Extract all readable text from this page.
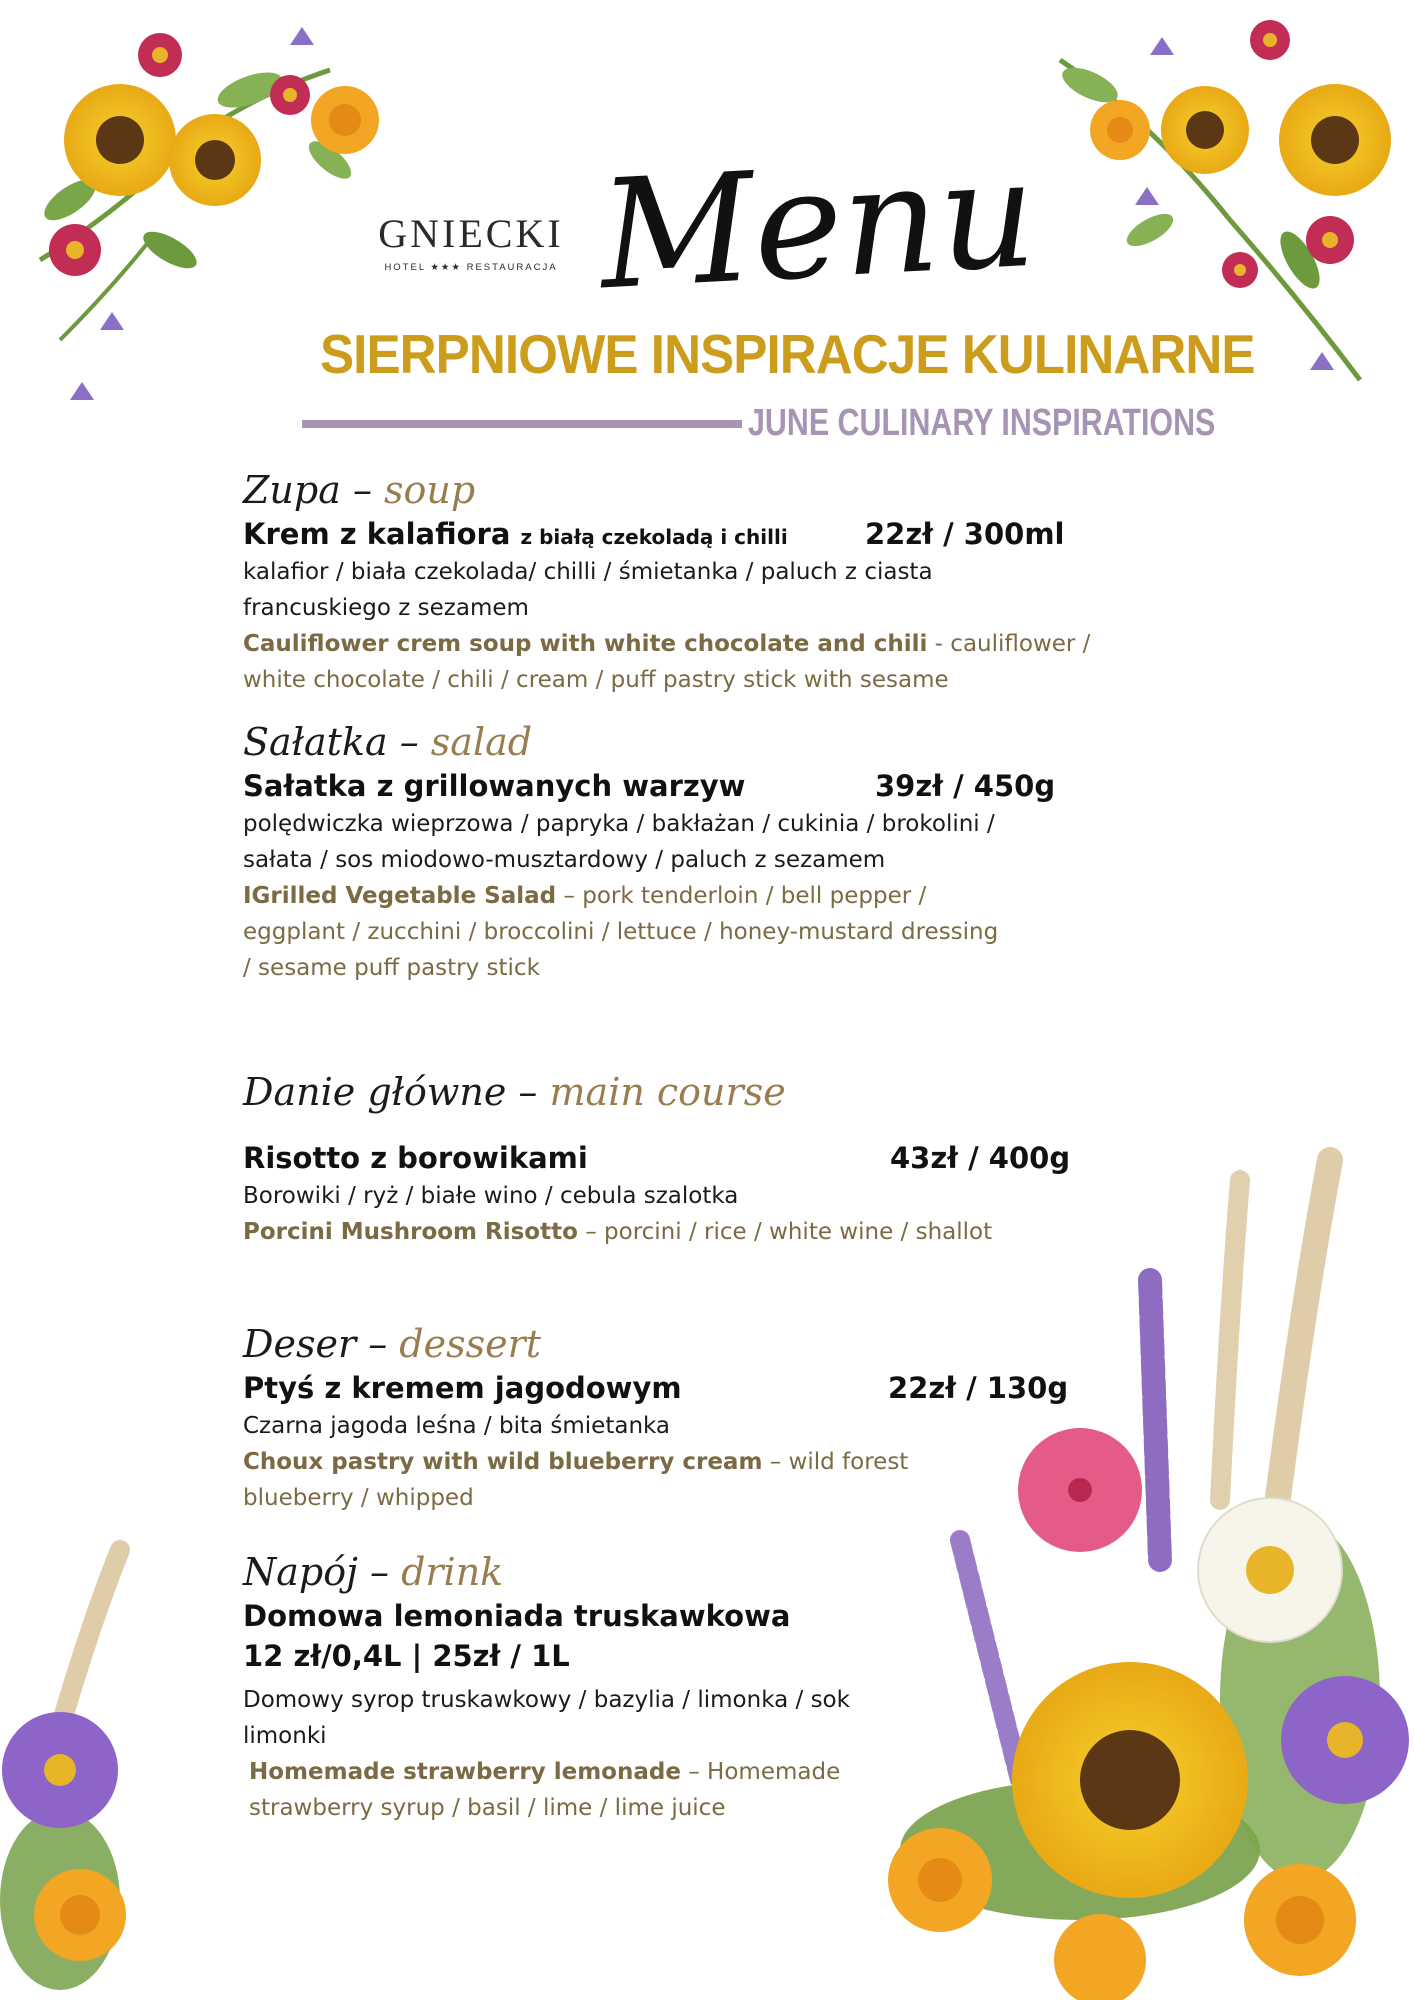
GNIECKI
HOTEL ★★★ RESTAURACJA Menu
SIERPNIOWE INSPIRACJE KULINARNE
JUNE CULINARY INSPIRATIONS
Zupa – soup
Krem z kalafiora z białą czekoladą i chilli	22zł / 300ml
kalafior / biała czekolada/ chilli / śmietanka / paluch z ciasta francuskiego z sezamem
Cauliflower crem soup with white chocolate and chili - cauliflower / white chocolate / chili / cream / puff pastry stick with sesame
Sałatka – salad
Sałatka z grillowanych warzyw	39zł / 450g
polędwiczka wieprzowa / papryka / bakłażan / cukinia / brokolini / sałata / sos miodowo-musztardowy / paluch z sezamem
IGrilled Vegetable Salad – pork tenderloin / bell pepper / eggplant / zucchini / broccolini / lettuce / honey-mustard dressing / sesame puff pastry stick
Danie główne – main course
Risotto z borowikami	43zł / 400g
Borowiki / ryż / białe wino / cebula szalotka
Porcini Mushroom Risotto – porcini / rice / white wine / shallot
Deser – dessert
Ptyś z kremem jagodowym	22zł / 130g
Czarna jagoda leśna / bita śmietanka
Choux pastry with wild blueberry cream – wild forest blueberry / whipped
Napój – drink
Domowa lemoniada truskawkowa
12 zł/0,4L | 25zł / 1L
Domowy syrop truskawkowy / bazylia / limonka / sok limonki
Homemade strawberry lemonade – Homemade strawberry syrup / basil / lime / lime juice
